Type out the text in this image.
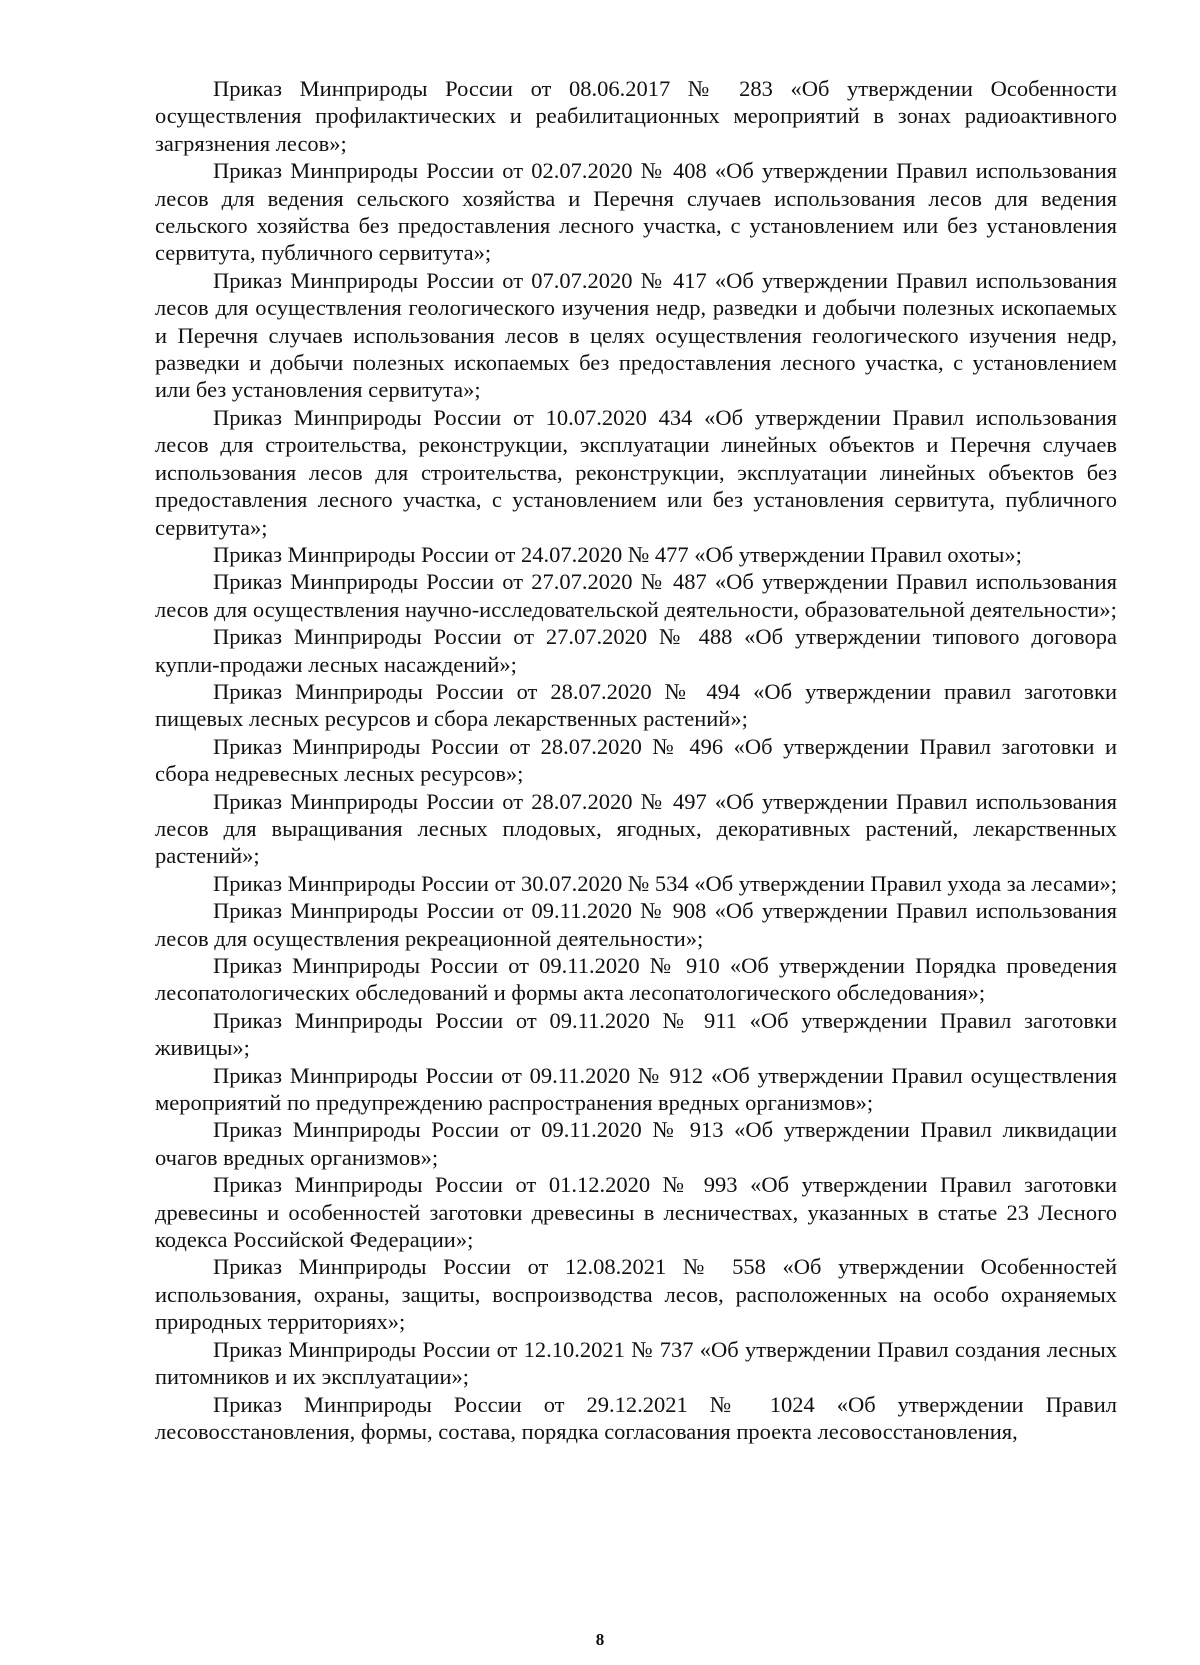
Приказ Минприроды России от 08.06.2017 № 283 «Об утверждении Особенности осуществления профилактических и реабилитационных мероприятий в зонах радиоактивного загрязнения лесов»;

Приказ Минприроды России от 02.07.2020 № 408 «Об утверждении Правил использования лесов для ведения сельского хозяйства и Перечня случаев использования лесов для ведения сельского хозяйства без предоставления лесного участка, с установлением или без установления сервитута, публичного сервитута»;

Приказ Минприроды России от 07.07.2020 № 417 «Об утверждении Правил использования лесов для осуществления геологического изучения недр, разведки и добычи полезных ископаемых и Перечня случаев использования лесов в целях осуществления геологического изучения недр, разведки и добычи полезных ископаемых без предоставления лесного участка, с установлением или без установления сервитута»;

Приказ Минприроды России от 10.07.2020 434 «Об утверждении Правил использования лесов для строительства, реконструкции, эксплуатации линейных объектов и Перечня случаев использования лесов для строительства, реконструкции, эксплуатации линейных объектов без предоставления лесного участка, с установлением или без установления сервитута, публичного сервитута»;

Приказ Минприроды России от 24.07.2020 № 477 «Об утверждении Правил охоты»;

Приказ Минприроды России от 27.07.2020 № 487 «Об утверждении Правил использования лесов для осуществления научно-исследовательской деятельности, образовательной деятельности»;

Приказ Минприроды России от 27.07.2020 № 488 «Об утверждении типового договора купли-продажи лесных насаждений»;

Приказ Минприроды России от 28.07.2020 № 494 «Об утверждении правил заготовки пищевых лесных ресурсов и сбора лекарственных растений»;

Приказ Минприроды России от 28.07.2020 № 496 «Об утверждении Правил заготовки и сбора недревесных лесных ресурсов»;

Приказ Минприроды России от 28.07.2020 № 497 «Об утверждении Правил использования лесов для выращивания лесных плодовых, ягодных, декоративных растений, лекарственных растений»;

Приказ Минприроды России от 30.07.2020 № 534 «Об утверждении Правил ухода за лесами»;

Приказ Минприроды России от 09.11.2020 № 908 «Об утверждении Правил использования лесов для осуществления рекреационной деятельности»;

Приказ Минприроды России от 09.11.2020 № 910 «Об утверждении Порядка проведения лесопатологических обследований и формы акта лесопатологического обследования»;

Приказ Минприроды России от 09.11.2020 № 911 «Об утверждении Правил заготовки живицы»;

Приказ Минприроды России от 09.11.2020 № 912 «Об утверждении Правил осуществления мероприятий по предупреждению распространения вредных организмов»;

Приказ Минприроды России от 09.11.2020 № 913 «Об утверждении Правил ликвидации очагов вредных организмов»;

Приказ Минприроды России от 01.12.2020 № 993 «Об утверждении Правил заготовки древесины и особенностей заготовки древесины в лесничествах, указанных в статье 23 Лесного кодекса Российской Федерации»;

Приказ Минприроды России от 12.08.2021 № 558 «Об утверждении Особенностей использования, охраны, защиты, воспроизводства лесов, расположенных на особо охраняемых природных территориях»;

Приказ Минприроды России от 12.10.2021 № 737 «Об утверждении Правил создания лесных питомников и их эксплуатации»;

Приказ Минприроды России от 29.12.2021 № 1024 «Об утверждении Правил лесовосстановления, формы, состава, порядка согласования проекта лесовосстановления,

8
